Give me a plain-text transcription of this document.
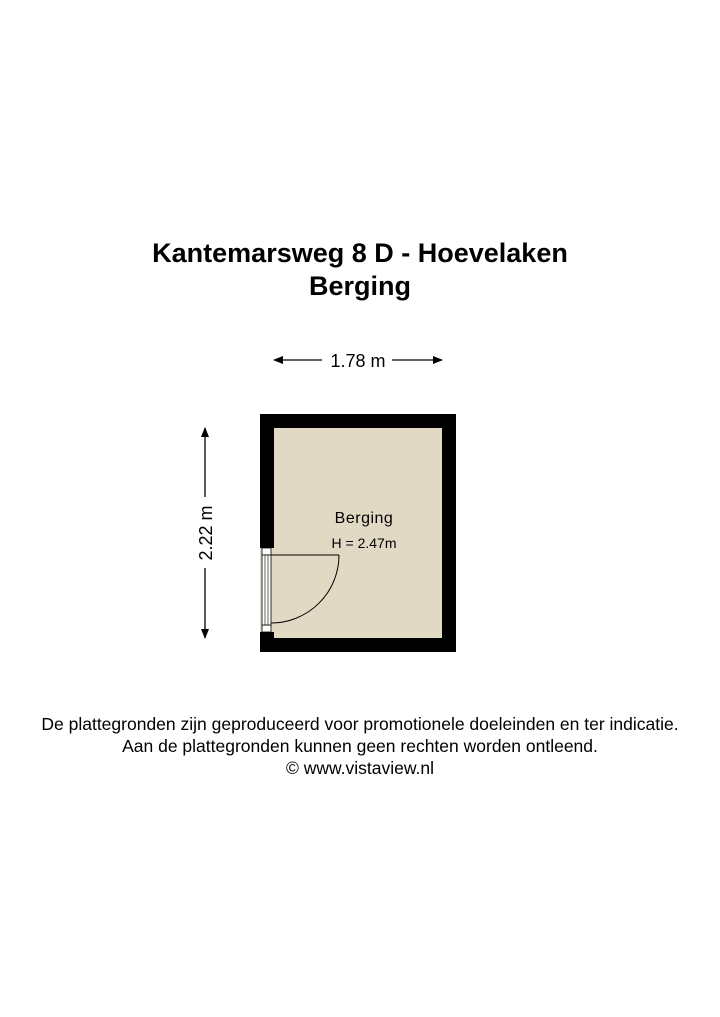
Kantemarsweg 8 D - Hoevelaken
Berging
1.78 m
2.22 m	Berging
H = 2.47m
De plattegronden zijn geproduceerd voor promotionele doeleinden en ter indicatie.
Aan de plattegronden kunnen geen rechten worden ontleend.
© www.vistaview.nl
